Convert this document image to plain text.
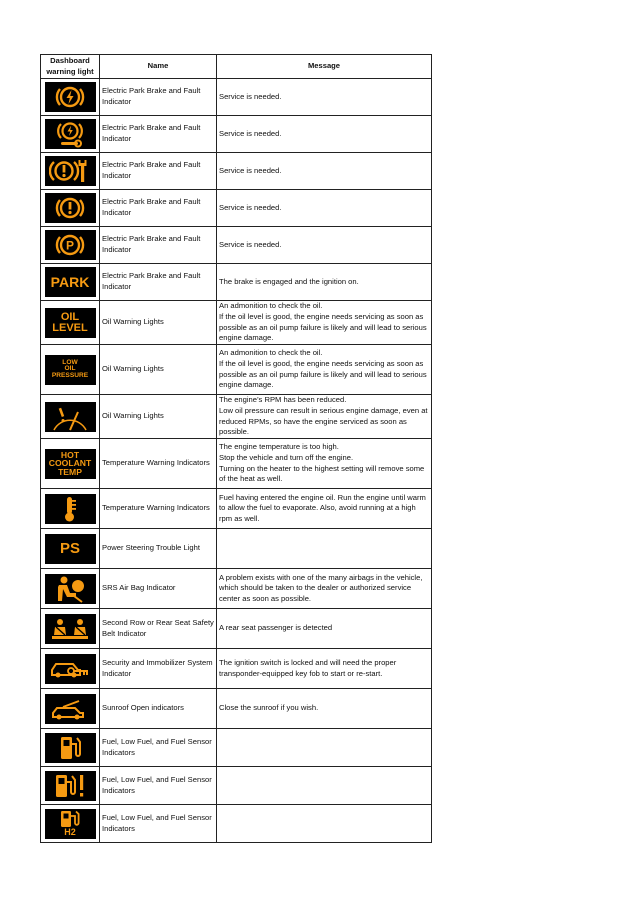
Dashboard warning light	Name	Message

	Electric Park Brake and Fault Indicator	Service is needed.

	Electric Park Brake and Fault Indicator	Service is needed.

	Electric Park Brake and Fault Indicator	Service is needed.

	Electric Park Brake and Fault Indicator	Service is needed.

P	Electric Park Brake and Fault Indicator	Service is needed.

PARK	Electric Park Brake and Fault Indicator	The brake is engaged and the ignition on.

OIL
LEVEL	Oil Warning Lights	An admonition to check the oil.
If the oil level is good, the engine needs servicing as soon as possible as an oil pump failure is likely and will lead to serious engine damage.

LOW
OIL
PRESSURE	Oil Warning Lights	An admonition to check the oil.
If the oil level is good, the engine needs servicing as soon as possible as an oil pump failure is likely and will lead to serious engine damage.

	Oil Warning Lights	The engine’s RPM has been reduced.
Low oil pressure can result in serious engine damage, even at reduced RPMs, so have the engine serviced as soon as possible.

HOT
COOLANT
TEMP	Temperature Warning Indicators	The engine temperature is too high.
Stop the vehicle and turn off the engine.
Turning on the heater to the highest setting will remove some of the heat as well.

	Temperature Warning Indicators	Fuel having entered the engine oil. Run the engine until warm to allow the fuel to evaporate. Also, avoid running at a high rpm as well.

PS	Power Steering Trouble Light	

	SRS Air Bag Indicator	A problem exists with one of the many airbags in the vehicle, which should be taken to the dealer or authorized service center as soon as possible.

	Second Row or Rear Seat Safety Belt Indicator	A rear seat passenger is detected

	Security and Immobilizer System Indicator	The ignition switch is locked and will need the proper transponder-equipped key fob to start or re-start.

	Sunroof Open indicators	Close the sunroof if you wish.

	Fuel, Low Fuel, and Fuel Sensor Indicators	

	Fuel, Low Fuel, and Fuel Sensor Indicators	

H2	Fuel, Low Fuel, and Fuel Sensor Indicators	
